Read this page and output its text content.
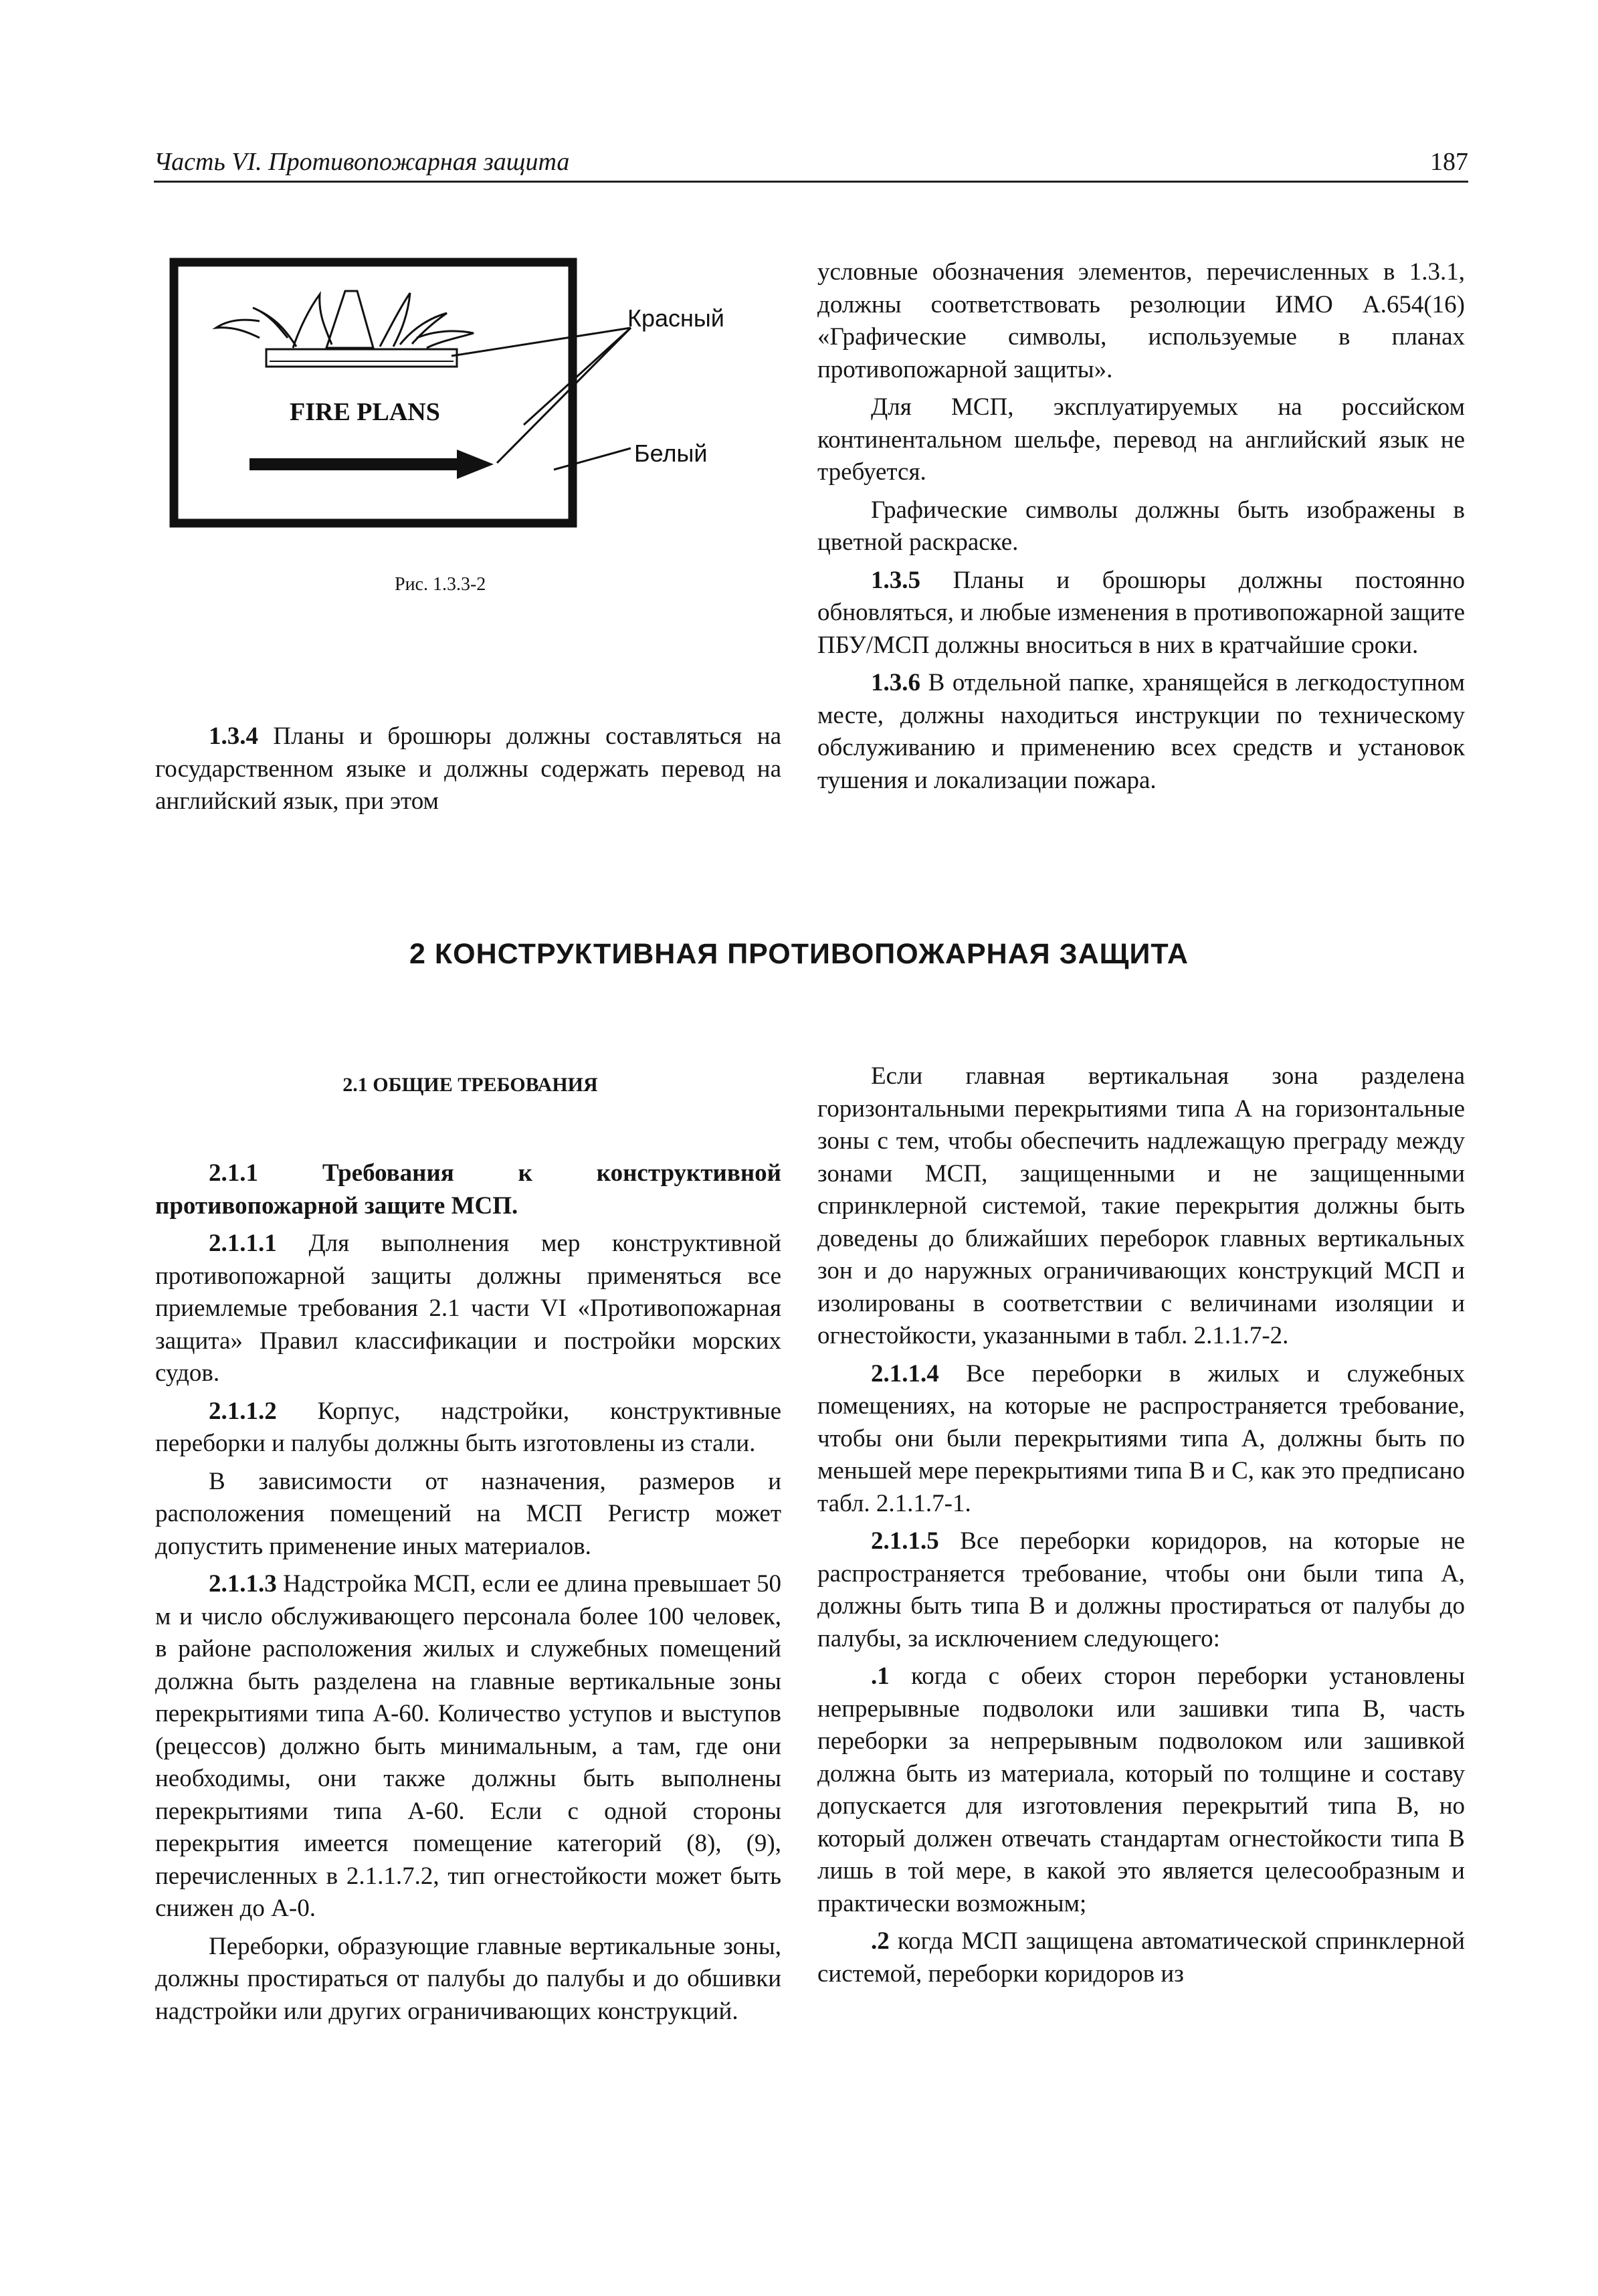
Часть VI. Противопожарная защита	187
FIRE PLANS
Красный
Белый
Рис. 1.3.3-2

1.3.4 Планы и брошюры должны составляться на государственном языке и должны содержать перевод на английский язык, при этом

условные обозначения элементов, перечисленных в 1.3.1, должны соответствовать резолюции ИМО А.654(16) «Графические символы, используемые в планах противопожарной защиты».

Для МСП, эксплуатируемых на российском континентальном шельфе, перевод на английский язык не требуется.

Графические символы должны быть изображены в цветной раскраске.

1.3.5 Планы и брошюры должны постоянно обновляться, и любые изменения в противопожарной защите ПБУ/МСП должны вноситься в них в кратчайшие сроки.

1.3.6 В отдельной папке, хранящейся в легкодоступном месте, должны находиться инструкции по техническому обслуживанию и применению всех средств и установок тушения и локализации пожара.

2 КОНСТРУКТИВНАЯ ПРОТИВОПОЖАРНАЯ ЗАЩИТА
2.1 ОБЩИЕ ТРЕБОВАНИЯ

2.1.1 Требования к конструктивной противопожарной защите МСП.

2.1.1.1 Для выполнения мер конструктивной противопожарной защиты должны применяться все приемлемые требования 2.1 части VI «Противопожарная защита» Правил классификации и постройки морских судов.

2.1.1.2 Корпус, надстройки, конструктивные переборки и палубы должны быть изготовлены из стали.

В зависимости от назначения, размеров и расположения помещений на МСП Регистр может допустить применение иных материалов.

2.1.1.3 Надстройка МСП, если ее длина превышает 50 м и число обслуживающего персонала более 100 человек, в районе расположения жилых и служебных помещений должна быть разделена на главные вертикальные зоны перекрытиями типа А-60. Количество уступов и выступов (рецессов) должно быть минимальным, а там, где они необходимы, они также должны быть выполнены перекрытиями типа А-60. Если с одной стороны перекрытия имеется помещение категорий (8), (9), перечисленных в 2.1.1.7.2, тип огнестойкости может быть снижен до А-0.

Переборки, образующие главные вертикальные зоны, должны простираться от палубы до палубы и до обшивки надстройки или других ограничивающих конструкций.

Если главная вертикальная зона разделена горизонтальными перекрытиями типа А на горизонтальные зоны с тем, чтобы обеспечить надлежащую преграду между зонами МСП, защищенными и не защищенными спринклерной системой, такие перекрытия должны быть доведены до ближайших переборок главных вертикальных зон и до наружных ограничивающих конструкций МСП и изолированы в соответствии с величинами изоляции и огнестойкости, указанными в табл. 2.1.1.7-2.

2.1.1.4 Все переборки в жилых и служебных помещениях, на которые не распространяется требование, чтобы они были перекрытиями типа А, должны быть по меньшей мере перекрытиями типа В и С, как это предписано табл. 2.1.1.7-1.

2.1.1.5 Все переборки коридоров, на которые не распространяется требование, чтобы они были типа А, должны быть типа В и должны простираться от палубы до палубы, за исключением следующего:

.1 когда с обеих сторон переборки установлены непрерывные подволоки или зашивки типа В, часть переборки за непрерывным подволоком или зашивкой должна быть из материала, который по толщине и составу допускается для изготовления перекрытий типа В, но который должен отвечать стандартам огнестойкости типа В лишь в той мере, в какой это является целесообразным и практически возможным;

.2 когда МСП защищена автоматической спринклерной системой, переборки коридоров из
